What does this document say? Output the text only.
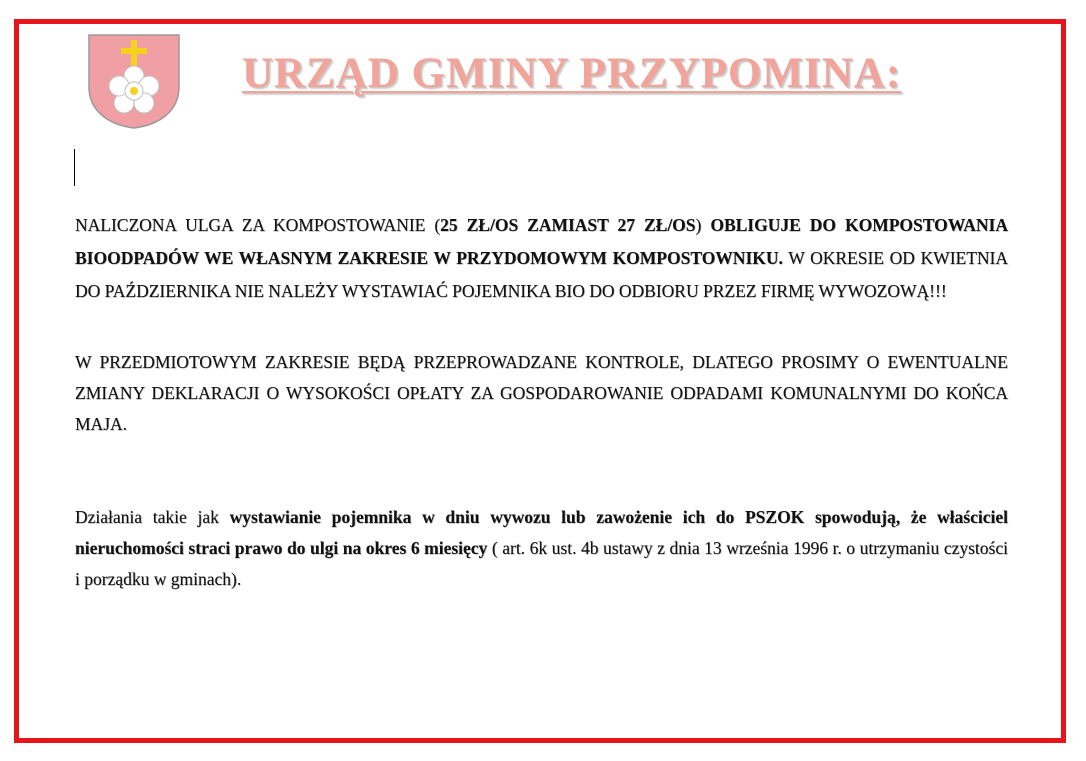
URZĄD GMINY PRZYPOMINA:

NALICZONA ULGA ZA KOMPOSTOWANIE (25 ZŁ/OS ZAMIAST 27 ZŁ/OS) OBLIGUJE DO KOMPOSTOWANIA BIOODPADÓW WE WŁASNYM ZAKRESIE W PRZYDOMOWYM KOMPOSTOWNIKU. W OKRESIE OD KWIETNIA DO PAŹDZIERNIKA NIE NALEŻY WYSTAWIAĆ POJEMNIKA BIO DO ODBIORU PRZEZ FIRMĘ WYWOZOWĄ!!!

W PRZEDMIOTOWYM ZAKRESIE BĘDĄ PRZEPROWADZANE KONTROLE, DLATEGO PROSIMY O EWENTUALNE ZMIANY DEKLARACJI O WYSOKOŚCI OPŁATY ZA GOSPODAROWANIE ODPADAMI KOMUNALNYMI DO KOŃCA MAJA.

Działania takie jak wystawianie pojemnika w dniu wywozu lub zawożenie ich do PSZOK spowodują, że właściciel nieruchomości straci prawo do ulgi na okres 6 miesięcy ( art. 6k ust. 4b ustawy z dnia 13 września 1996 r. o utrzymaniu czystości i porządku w gminach).
